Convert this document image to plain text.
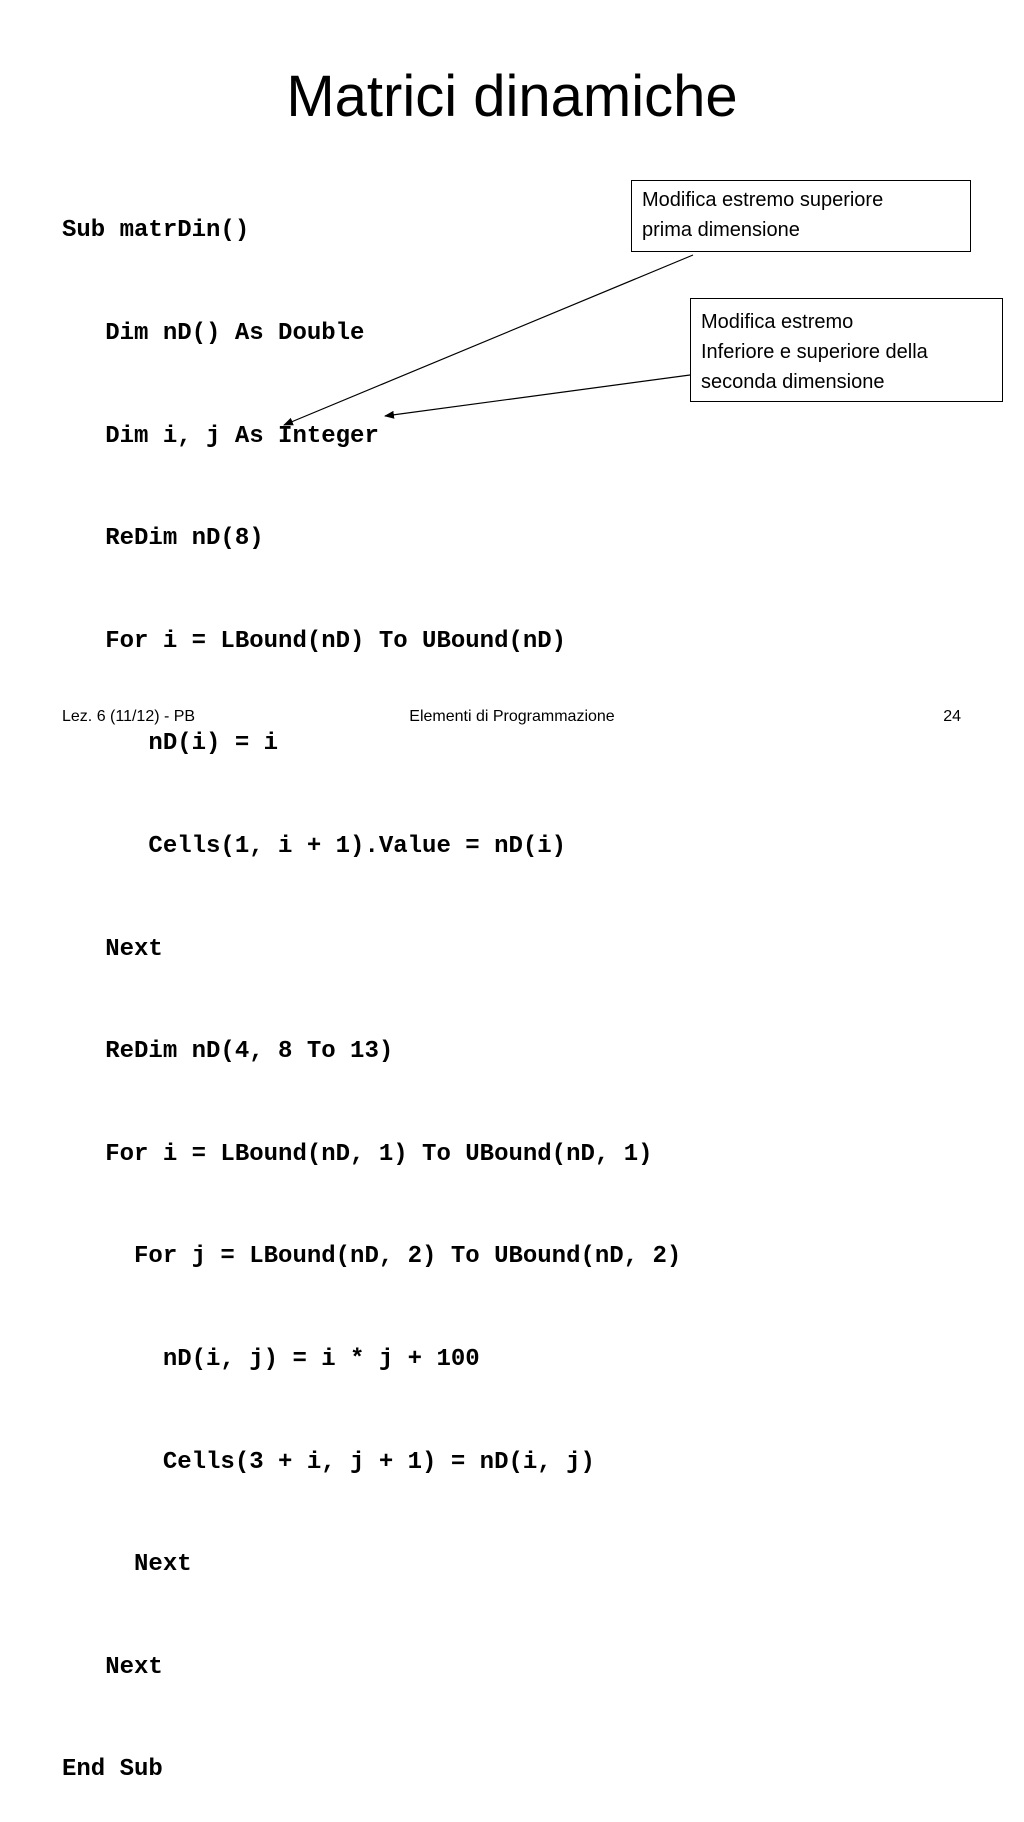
Matrici dinamiche

Sub matrDin()

Dim nD() As Double

Dim i, j As Integer

ReDim nD(8)

For i = LBound(nD) To UBound(nD)

nD(i) = i

Cells(1, i + 1).Value = nD(i)

Next

ReDim nD(4, 8 To 13)

For i = LBound(nD, 1) To UBound(nD, 1)

For j = LBound(nD, 2) To UBound(nD, 2)

nD(i, j) = i * j + 100

Cells(3 + i, j + 1) = nD(i, j)

Next

Next

End Sub

Modifica estremo superiore
prima dimensione
Modifica estremo
Inferiore e superiore della
seconda dimensione
Lez. 6 (11/12) - PB	Elementi di Programmazione	24
